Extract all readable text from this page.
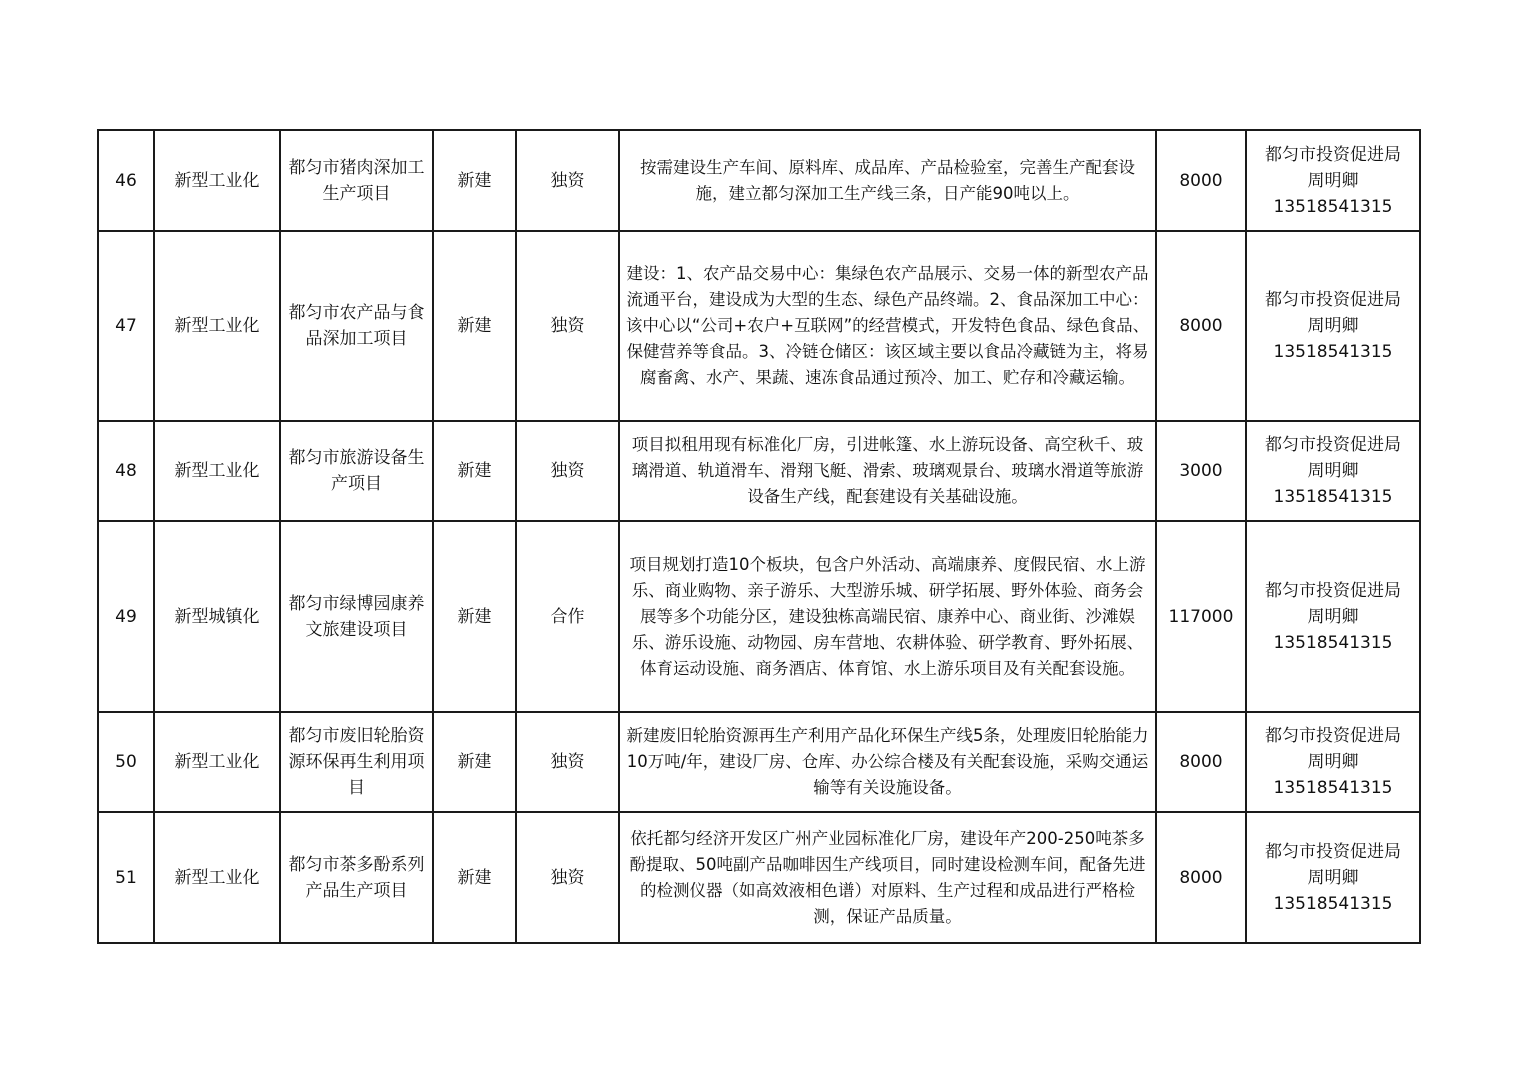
46	新型工业化	都匀市猪肉深加工生产项目	新建	独资	按需建设生产车间、原料库、成品库、产品检验室，完善生产配套设施，建立都匀深加工生产线三条，日产能90吨以上。	8000	都匀市投资促进局
周明卿
13518541315

47	新型工业化	都匀市农产品与食品深加工项目	新建	独资	建设：1、农产品交易中心：集绿色农产品展示、交易一体的新型农产品流通平台，建设成为大型的生态、绿色产品终端。2、食品深加工中心：该中心以“公司+农户+互联网”的经营模式，开发特色食品、绿色食品、保健营养等食品。3、冷链仓储区：该区域主要以食品冷藏链为主，将易腐畜禽、水产、果蔬、速冻食品通过预冷、加工、贮存和冷藏运输。	8000	都匀市投资促进局
周明卿
13518541315

48	新型工业化	都匀市旅游设备生产项目	新建	独资	项目拟租用现有标准化厂房，引进帐篷、水上游玩设备、高空秋千、玻璃滑道、轨道滑车、滑翔飞艇、滑索、玻璃观景台、玻璃水滑道等旅游设备生产线，配套建设有关基础设施。	3000	都匀市投资促进局
周明卿
13518541315

49	新型城镇化	都匀市绿博园康养文旅建设项目	新建	合作	项目规划打造10个板块，包含户外活动、高端康养、度假民宿、水上游乐、商业购物、亲子游乐、大型游乐城、研学拓展、野外体验、商务会展等多个功能分区，建设独栋高端民宿、康养中心、商业街、沙滩娱乐、游乐设施、动物园、房车营地、农耕体验、研学教育、野外拓展、体育运动设施、商务酒店、体育馆、水上游乐项目及有关配套设施。	117000	都匀市投资促进局
周明卿
13518541315

50	新型工业化	都匀市废旧轮胎资源环保再生利用项目	新建	独资	新建废旧轮胎资源再生产利用产品化环保生产线5条，处理废旧轮胎能力10万吨/年，建设厂房、仓库、办公综合楼及有关配套设施，采购交通运输等有关设施设备。	8000	都匀市投资促进局
周明卿
13518541315

51	新型工业化	都匀市茶多酚系列产品生产项目	新建	独资	依托都匀经济开发区广州产业园标准化厂房，建设年产200-250吨茶多酚提取、50吨副产品咖啡因生产线项目，同时建设检测车间，配备先进的检测仪器（如高效液相色谱）对原料、生产过程和成品进行严格检测，保证产品质量。	8000	都匀市投资促进局
周明卿
13518541315
